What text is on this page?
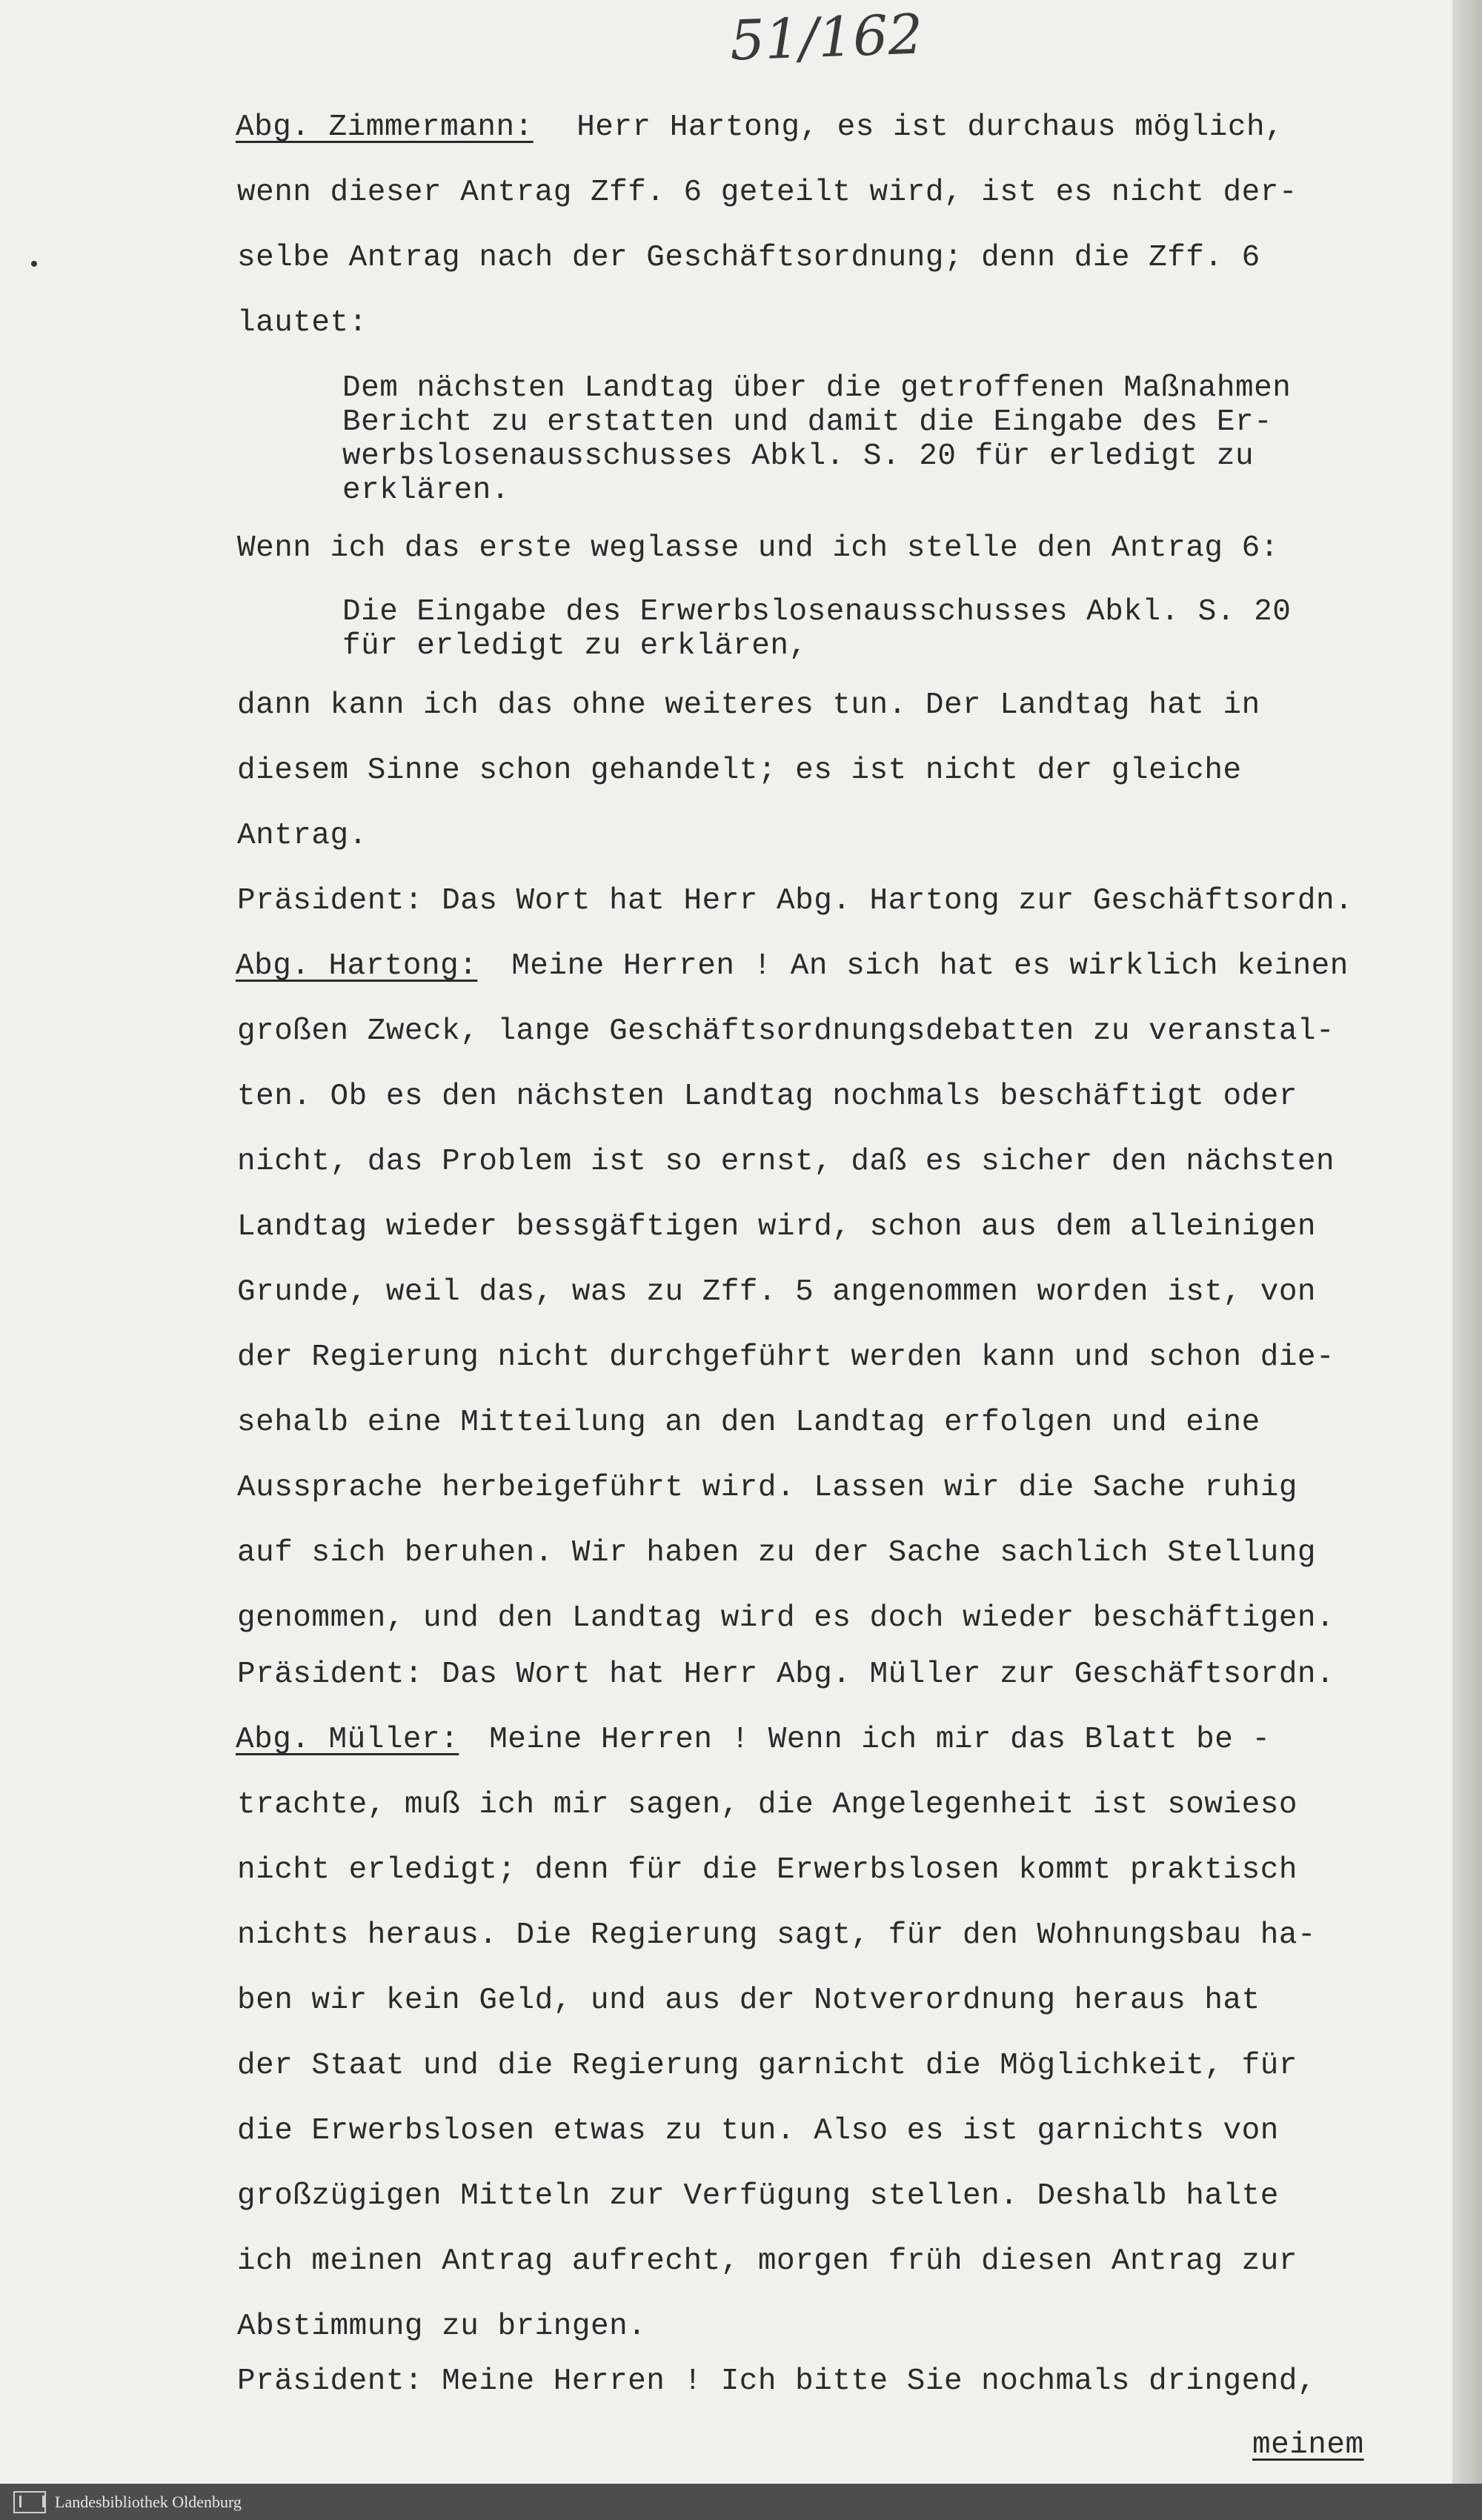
51/162
Abg. Zimmermann: Herr Hartong, es ist durchaus möglich,
wenn dieser Antrag Zff. 6 geteilt wird, ist es nicht der-
selbe Antrag nach der Geschäftsordnung; denn die Zff. 6
lautet:
Dem nächsten Landtag über die getroffenen Maßnahmen
Bericht zu erstatten und damit die Eingabe des Er-
werbslosenausschusses Abkl. S. 20 für erledigt zu
erklären.
Wenn ich das erste weglasse und ich stelle den Antrag 6:
Die Eingabe des Erwerbslosenausschusses Abkl. S. 20
für erledigt zu erklären,
dann kann ich das ohne weiteres tun. Der Landtag hat in
diesem Sinne schon gehandelt; es ist nicht der gleiche
Antrag.
Präsident: Das Wort hat Herr Abg. Hartong zur Geschäftsordn.
Abg. Hartong:
Meine Herren ! An sich hat es wirklich keinen
großen Zweck, lange Geschäftsordnungsdebatten zu veranstal-
ten. Ob es den nächsten Landtag nochmals beschäftigt oder
nicht, das Problem ist so ernst, daß es sicher den nächsten
Landtag wieder bessgäftigen wird, schon aus dem alleinigen
Grunde, weil das, was zu Zff. 5 angenommen worden ist, von
der Regierung nicht durchgeführt werden kann und schon die-
sehalb eine Mitteilung an den Landtag erfolgen und eine
Aussprache herbeigeführt wird. Lassen wir die Sache ruhig
auf sich beruhen. Wir haben zu der Sache sachlich Stellung
genommen, und den Landtag wird es doch wieder beschäftigen.
Präsident: Das Wort hat Herr Abg. Müller zur Geschäftsordn.
Abg. Müller:
Meine Herren ! Wenn ich mir das Blatt be -
trachte, muß ich mir sagen, die Angelegenheit ist sowieso
nicht erledigt; denn für die Erwerbslosen kommt praktisch
nichts heraus. Die Regierung sagt, für den Wohnungsbau ha-
ben wir kein Geld, und aus der Notverordnung heraus hat
der Staat und die Regierung garnicht die Möglichkeit, für
die Erwerbslosen etwas zu tun. Also es ist garnichts von
großzügigen Mitteln zur Verfügung stellen. Deshalb halte
ich meinen Antrag aufrecht, morgen früh diesen Antrag zur
Abstimmung zu bringen.
Präsident: Meine Herren ! Ich bitte Sie nochmals dringend,
meinem
Landesbibliothek Oldenburg
